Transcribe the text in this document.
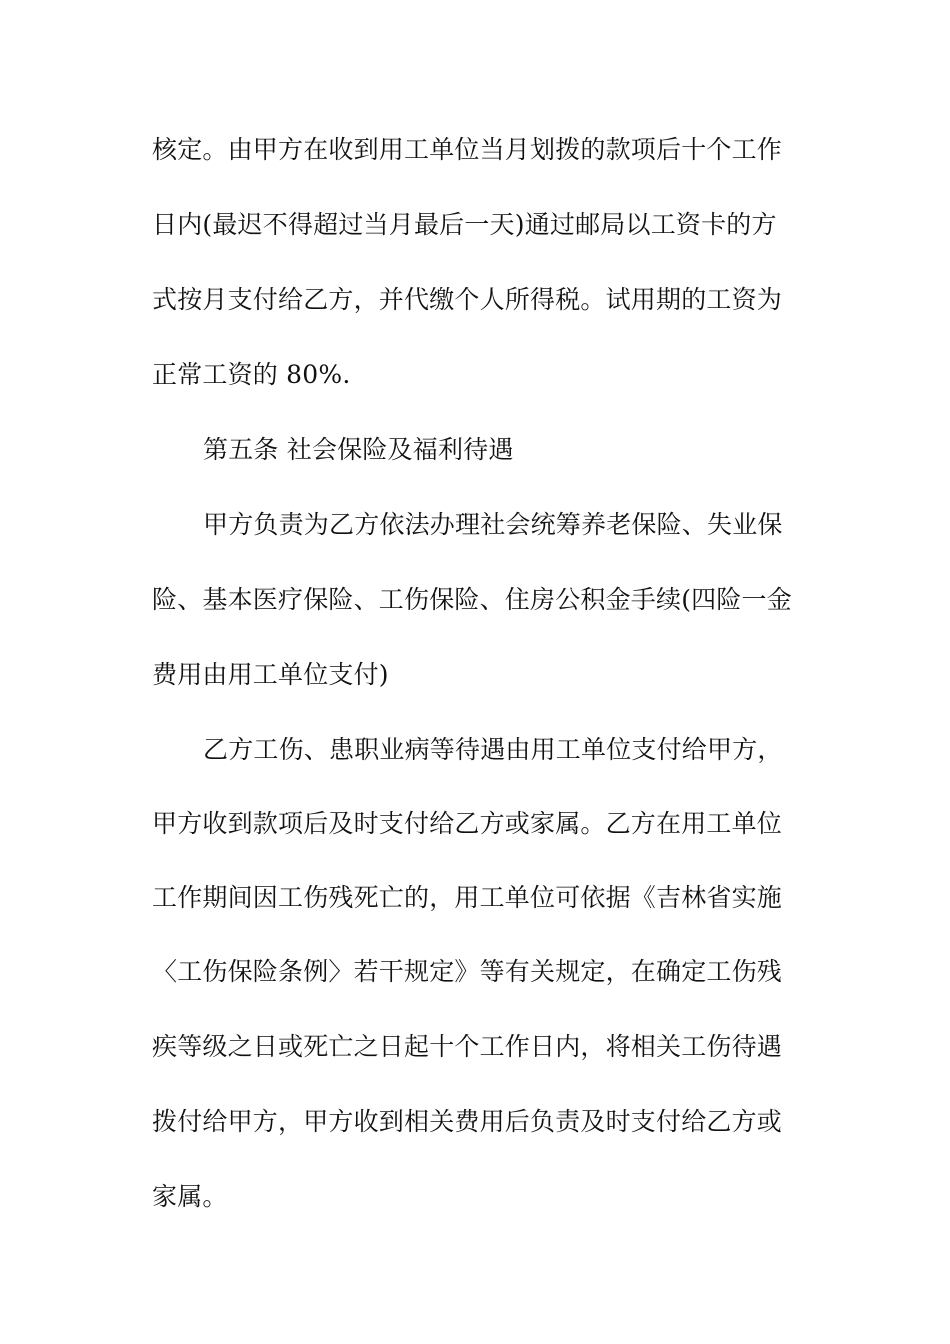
核定。由甲方在收到用工单位当月划拨的款项后十个工作
日内(最迟不得超过当月最后一天)通过邮局以工资卡的方
式按月支付给乙方，并代缴个人所得税。试用期的工资为
正常工资的 80%.
第五条 社会保险及福利待遇
甲方负责为乙方依法办理社会统筹养老保险、失业保
险、基本医疗保险、工伤保险、住房公积金手续(四险一金
费用由用工单位支付)
乙方工伤、患职业病等待遇由用工单位支付给甲方，
甲方收到款项后及时支付给乙方或家属。乙方在用工单位
工作期间因工伤残死亡的，用工单位可依据《吉林省实施
〈工伤保险条例〉若干规定》等有关规定，在确定工伤残
疾等级之日或死亡之日起十个工作日内，将相关工伤待遇
拨付给甲方，甲方收到相关费用后负责及时支付给乙方或
家属。
